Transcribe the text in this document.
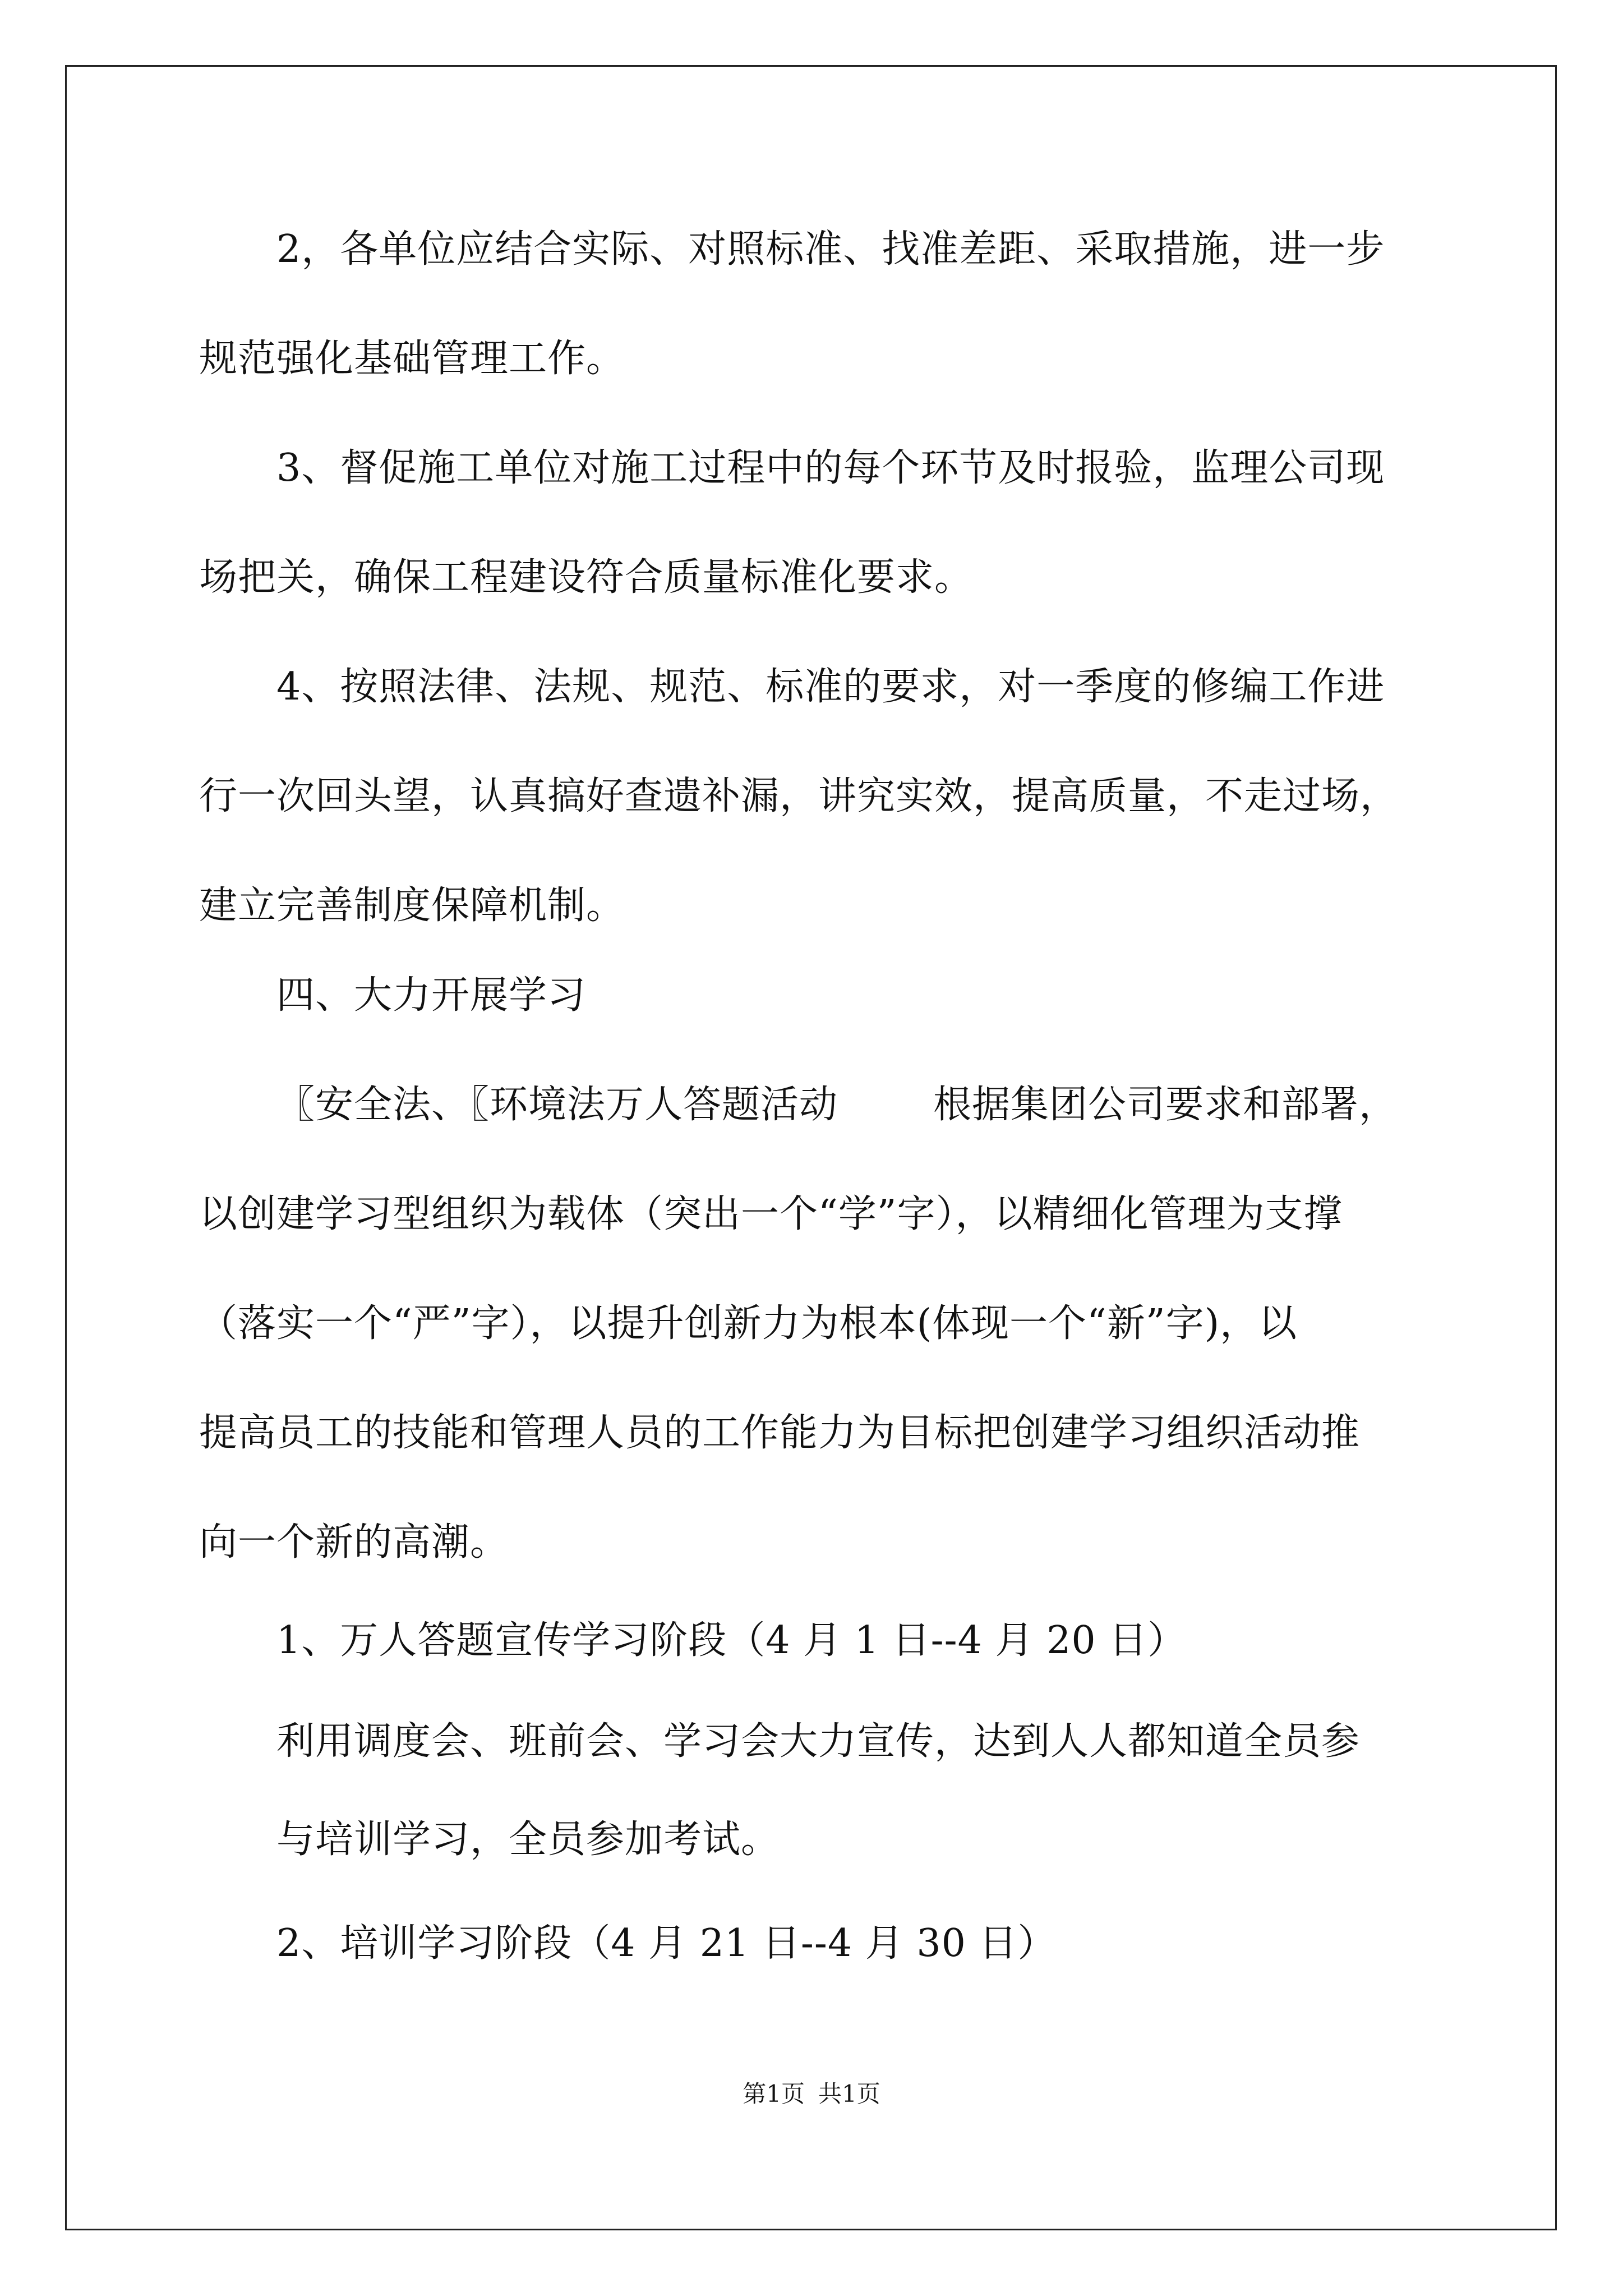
2，各单位应结合实际、对照标准、找准差距、采取措施，进一步
规范强化基础管理工作。
3、督促施工单位对施工过程中的每个环节及时报验，监理公司现
场把关，确保工程建设符合质量标准化要求。
4、按照法律、法规、规范、标准的要求，对一季度的修编工作进
行一次回头望，认真搞好查遗补漏，讲究实效，提高质量，不走过场，
建立完善制度保障机制。
四、大力开展学习
〖安全法、〖环境法万人答题活动	根据集团公司要求和部署，
以创建学习型组织为载体（突出一个“学”字），以精细化管理为支撑
（落实一个“严”字），以提升创新力为根本(体现一个“新”字)，以
提高员工的技能和管理人员的工作能力为目标把创建学习组织活动推
向一个新的高潮。
1、万人答题宣传学习阶段（4 月 1 日--4 月 20 日）
利用调度会、班前会、学习会大力宣传，达到人人都知道全员参
与培训学习，全员参加考试。
2、培训学习阶段（4 月 21 日--4 月 30 日）
第1页 共1页
